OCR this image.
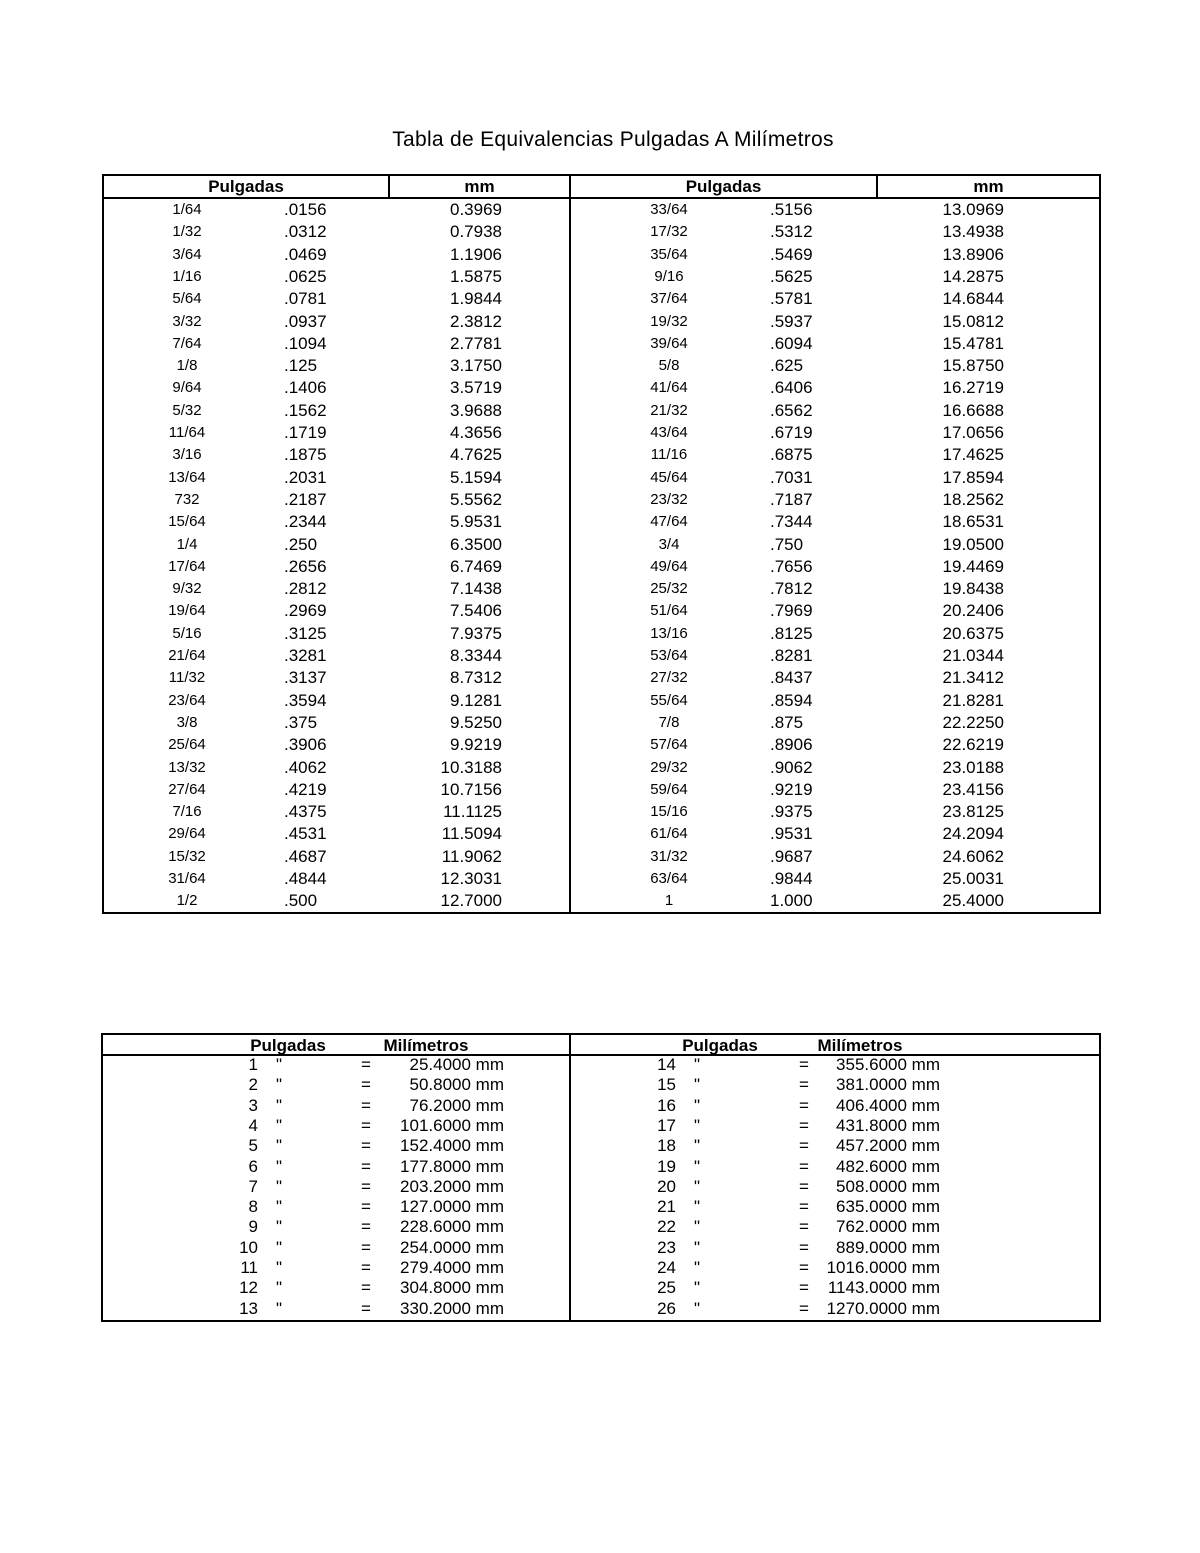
Tabla de Equivalencias Pulgadas A Milímetros
Pulgadas	mm	Pulgadas	mm
1/64	.0156	0.3969
1/32	.0312	0.7938
3/64	.0469	1.1906
1/16	.0625	1.5875
5/64	.0781	1.9844
3/32	.0937	2.3812
7/64	.1094	2.7781
1/8	.125	3.1750
9/64	.1406	3.5719
5/32	.1562	3.9688
11/64	.1719	4.3656
3/16	.1875	4.7625
13/64	.2031	5.1594
732	.2187	5.5562
15/64	.2344	5.9531
1/4	.250	6.3500
17/64	.2656	6.7469
9/32	.2812	7.1438
19/64	.2969	7.5406
5/16	.3125	7.9375
21/64	.3281	8.3344
11/32	.3137	8.7312
23/64	.3594	9.1281
3/8	.375	9.5250
25/64	.3906	9.9219
13/32	.4062	10.3188
27/64	.4219	10.7156
7/16	.4375	11.1125
29/64	.4531	11.5094
15/32	.4687	11.9062
31/64	.4844	12.3031
1/2	.500	12.7000
33/64	.5156	13.0969
17/32	.5312	13.4938
35/64	.5469	13.8906
9/16	.5625	14.2875
37/64	.5781	14.6844
19/32	.5937	15.0812
39/64	.6094	15.4781
5/8	.625	15.8750
41/64	.6406	16.2719
21/32	.6562	16.6688
43/64	.6719	17.0656
11/16	.6875	17.4625
45/64	.7031	17.8594
23/32	.7187	18.2562
47/64	.7344	18.6531
3/4	.750	19.0500
49/64	.7656	19.4469
25/32	.7812	19.8438
51/64	.7969	20.2406
13/16	.8125	20.6375
53/64	.8281	21.0344
27/32	.8437	21.3412
55/64	.8594	21.8281
7/8	.875	22.2250
57/64	.8906	22.6219
29/32	.9062	23.0188
59/64	.9219	23.4156
15/16	.9375	23.8125
61/64	.9531	24.2094
31/32	.9687	24.6062
63/64	.9844	25.0031
1	1.000	25.4000
Pulgadas	Milímetros	Pulgadas	Milímetros
1 "	=	25.4000 mm
2 "	=	50.8000 mm
3 "	=	76.2000 mm
4 "	=	101.6000 mm
5 "	=	152.4000 mm
6 "	=	177.8000 mm
7 "	=	203.2000 mm
8 "	=	127.0000 mm
9 "	=	228.6000 mm
10 "	=	254.0000 mm
11 "	=	279.4000 mm
12 "	=	304.8000 mm
13 "	=	330.2000 mm
14 "	=	355.6000 mm
15 "	=	381.0000 mm
16 "	=	406.4000 mm
17 "	=	431.8000 mm
18 "	=	457.2000 mm
19 "	=	482.6000 mm
20 "	=	508.0000 mm
21 "	=	635.0000 mm
22 "	=	762.0000 mm
23 "	=	889.0000 mm
24 "	=	1016.0000 mm
25 "	=	1143.0000 mm
26 "	=	1270.0000 mm
